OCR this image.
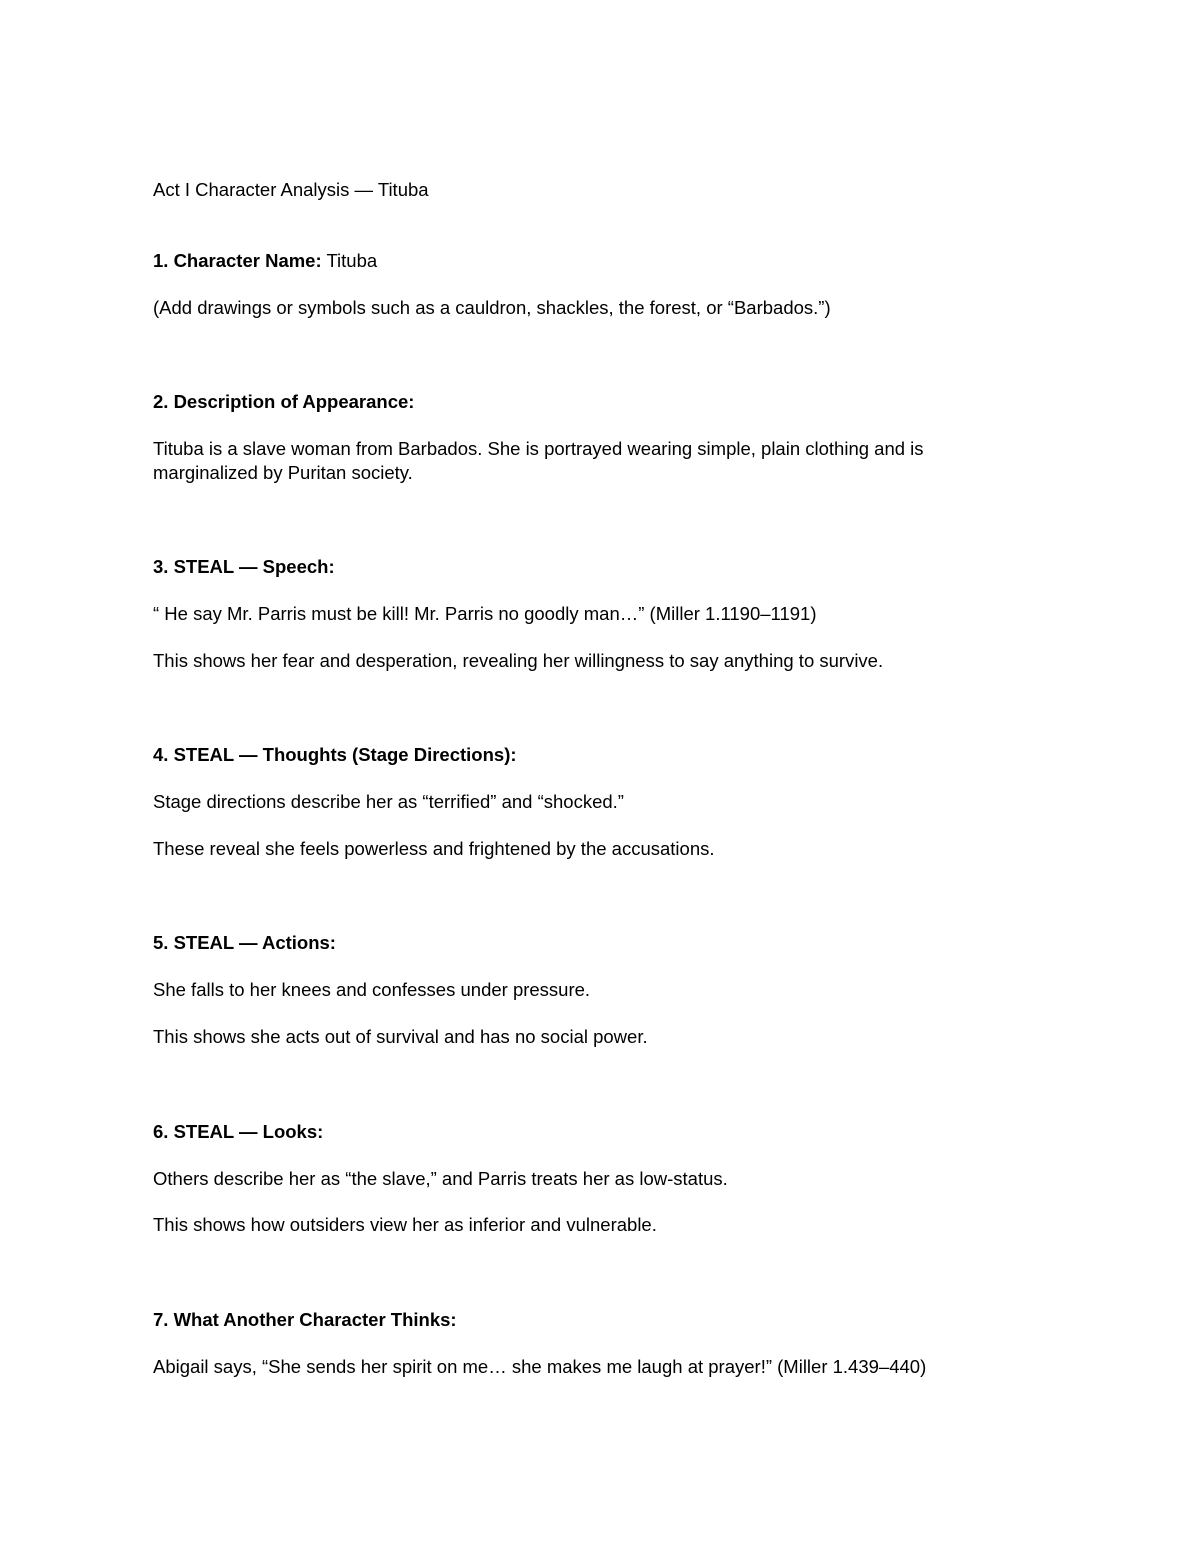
Act I Character Analysis — Tituba

1. Character Name: Tituba

(Add drawings or symbols such as a cauldron, shackles, the forest, or “Barbados.”)

2. Description of Appearance:

Tituba is a slave woman from Barbados. She is portrayed wearing simple, plain clothing and is

marginalized by Puritan society.

3. STEAL — Speech:

“ He say Mr. Parris must be kill! Mr. Parris no goodly man…” (Miller 1.1190–1191)

This shows her fear and desperation, revealing her willingness to say anything to survive.

4. STEAL — Thoughts (Stage Directions):

Stage directions describe her as “terrified” and “shocked.”

These reveal she feels powerless and frightened by the accusations.

5. STEAL — Actions:

She falls to her knees and confesses under pressure.

This shows she acts out of survival and has no social power.

6. STEAL — Looks:

Others describe her as “the slave,” and Parris treats her as low-status.

This shows how outsiders view her as inferior and vulnerable.

7. What Another Character Thinks:

Abigail says, “She sends her spirit on me… she makes me laugh at prayer!” (Miller 1.439–440)
